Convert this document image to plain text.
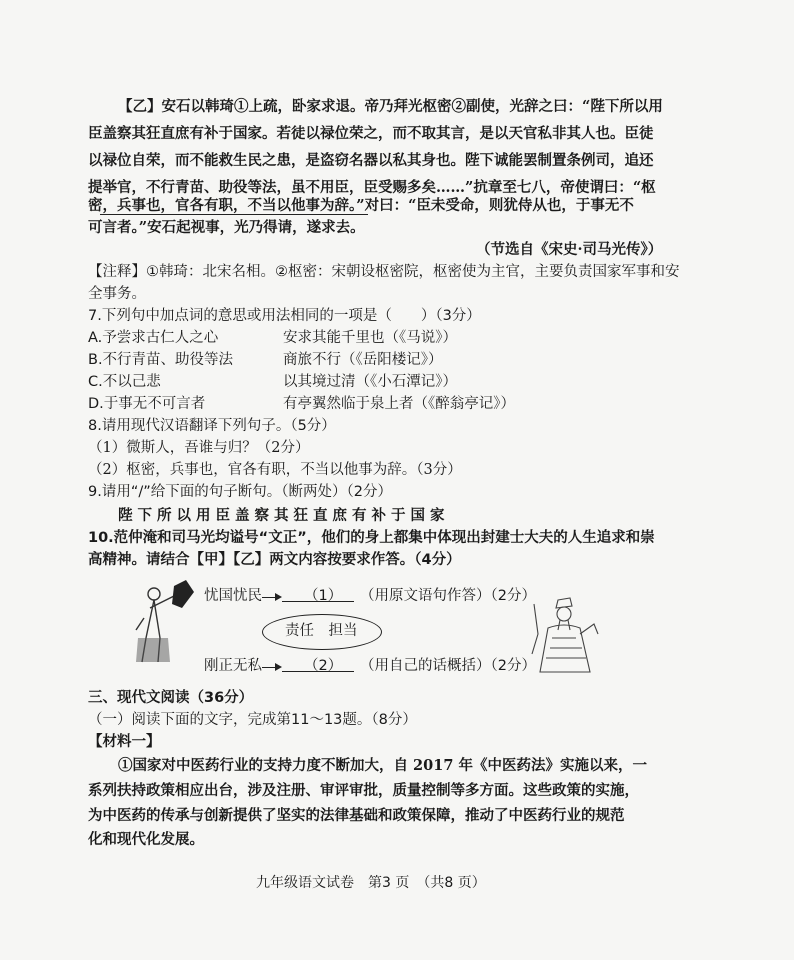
【乙】安石以韩琦①上疏，卧家求退。帝乃拜光枢密②副使，光辞之曰：“陛下所以用
臣盖察其狂直庶有补于国家。若徒以禄位荣之，而不取其言，是以天官私非其人也。臣徒
以禄位自荣，而不能救生民之患，是盗窃名器以私其身也。陛下诚能罢制置条例司，追还
提举官，不行青苗、助役等法，虽不用臣，臣受赐多矣……”抗章至七八，帝使谓曰：“枢
密，兵事也，官各有职，不当以他事为辞。”对曰：“臣未受命，则犹侍从也，于事无不
可言者。”安石起视事，光乃得请，遂求去。
（节选自《宋史·司马光传》）
【注释】①韩琦：北宋名相。②枢密：宋朝设枢密院，枢密使为主官，主要负责国家军事和安
全事务。
7.下列句中加点词的意思或用法相同的一项是（　　）（3分）
A.予尝求古仁人之心	安求其能千里也（《马说》）
B.不行青苗、助役等法	商旅不行（《岳阳楼记》）
C.不以己悲	以其境过清（《小石潭记》）
D.于事无不可言者	有亭翼然临于泉上者（《醉翁亭记》）
8.请用现代汉语翻译下列句子。（5分）
（1）微斯人，吾谁与归？（2分）
（2）枢密，兵事也，官各有职，不当以他事为辞。（3分）
9.请用“/”给下面的句子断句。（断两处）（2分）
陛下所以用臣盖察其狂直庶有补于国家
10.范仲淹和司马光均谥号“文正”，他们的身上都集中体现出封建士大夫的人生追求和崇
高精神。请结合【甲】【乙】两文内容按要求作答。（4分）
忧国忧民	（1） （用原文语句作答）（2分）
责任　担当
刚正无私	（2） （用自己的话概括）（2分）
三、现代文阅读（36分）
（一）阅读下面的文字，完成第11～13题。（8分）
【材料一】
①国家对中医药行业的支持力度不断加大，自 2017 年《中医药法》实施以来，一
系列扶持政策相应出台，涉及注册、审评审批，质量控制等多方面。这些政策的实施，
为中医药的传承与创新提供了坚实的法律基础和政策保障，推动了中医药行业的规范
化和现代化发展。
九年级语文试卷　第3 页　（共8 页）
